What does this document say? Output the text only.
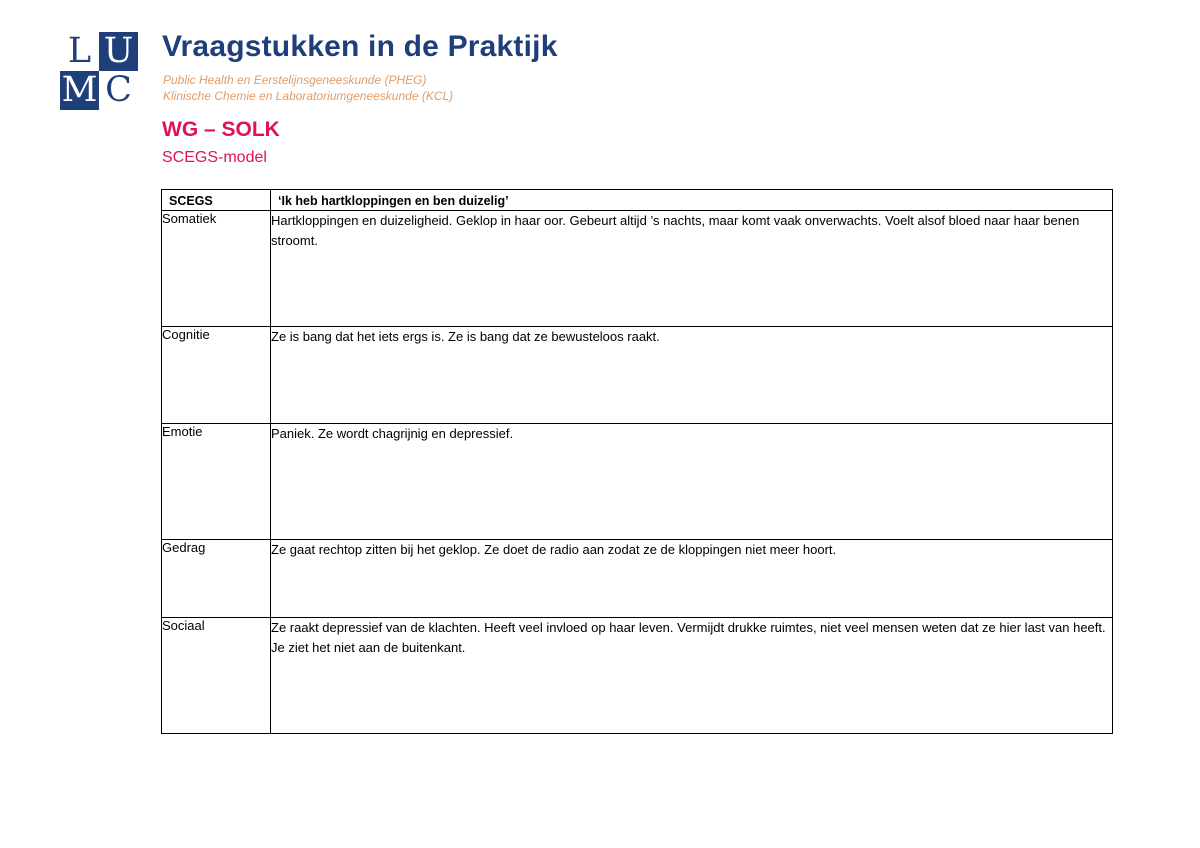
L U
M C
Vraagstukken in de Praktijk
Public Health en Eerstelijnsgeneeskunde (PHEG)
Klinische Chemie en Laboratoriumgeneeskunde (KCL)
WG – SOLK
SCEGS-model
SCEGS	‘Ik heb hartkloppingen en ben duizelig’
Somatiek	Hartkloppingen en duizeligheid. Geklop in haar oor. Gebeurt altijd ’s nachts, maar komt vaak onverwachts. Voelt alsof bloed naar haar benen stroomt.
Cognitie	Ze is bang dat het iets ergs is. Ze is bang dat ze bewusteloos raakt.
Emotie	Paniek. Ze wordt chagrijnig en depressief.
Gedrag	Ze gaat rechtop zitten bij het geklop. Ze doet de radio aan zodat ze de kloppingen niet meer hoort.
Sociaal	Ze raakt depressief van de klachten. Heeft veel invloed op haar leven. Vermijdt drukke ruimtes, niet veel mensen weten dat ze hier last van heeft. Je ziet het niet aan de buitenkant.
